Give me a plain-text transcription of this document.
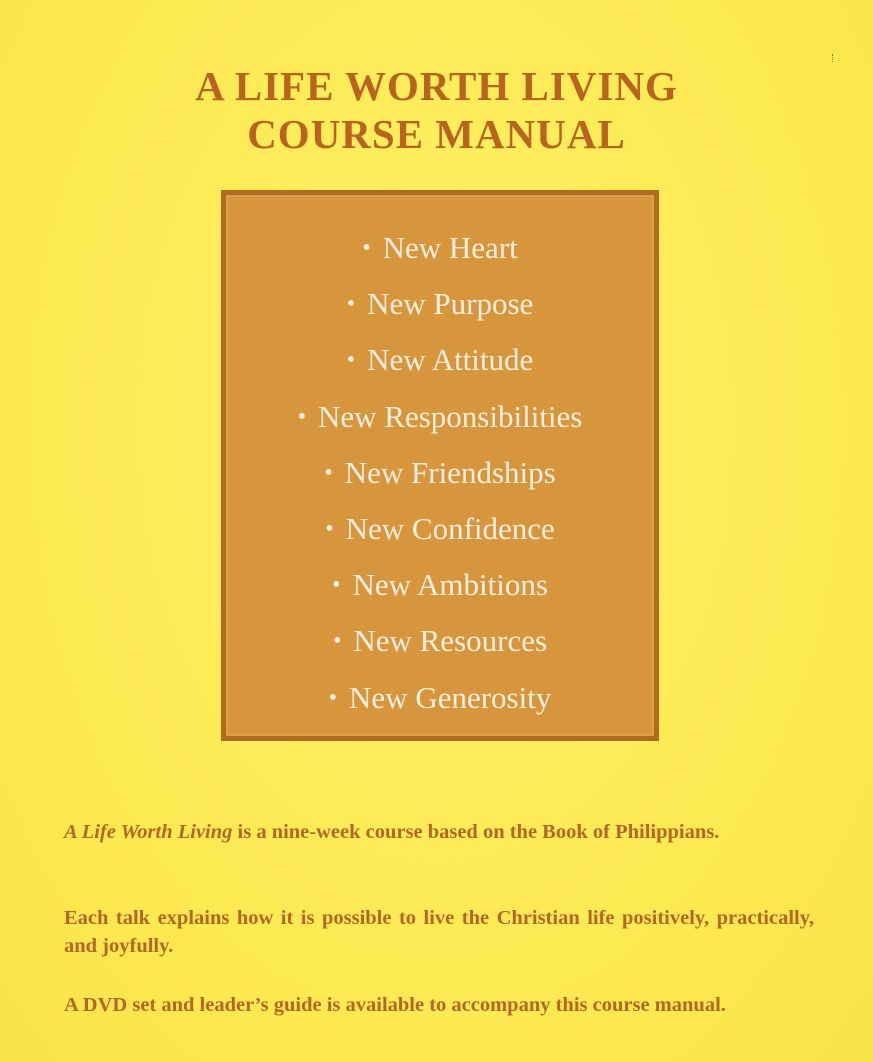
A LIFE WORTH LIVING
COURSE MANUAL
• New Heart
• New Purpose
• New Attitude
• New Responsibilities
• New Friendships
• New Confidence
• New Ambitions
• New Resources
• New Generosity

A Life Worth Living is a nine-week course based on the Book of Philippians.

Each talk explains how it is possible to live the Christian life positively, practically, and joyfully.

A DVD set and leader’s guide is available to accompany this course manual.
